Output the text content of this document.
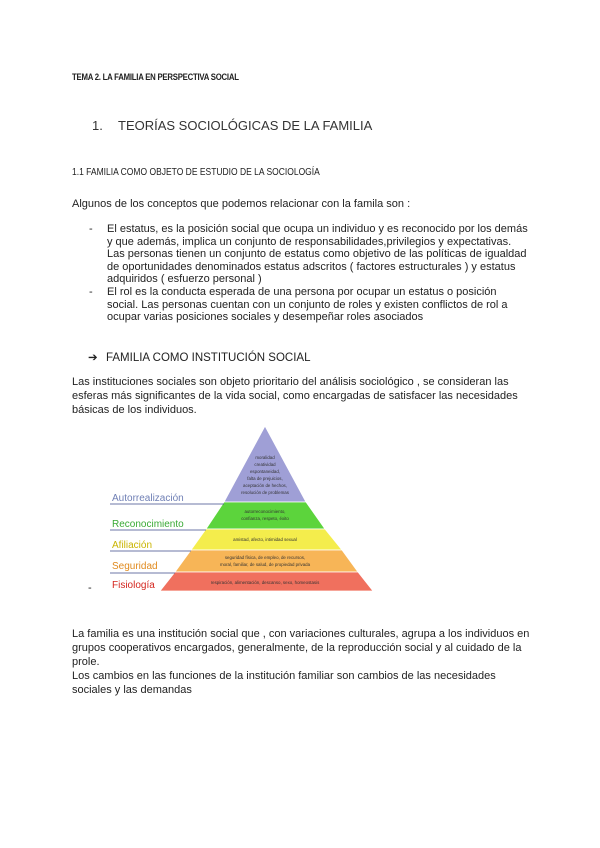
TEMA 2. LA FAMILIA EN PERSPECTIVA SOCIAL
1. TEORÍAS SOCIOLÓGICAS DE LA FAMILIA
1.1 FAMILIA COMO OBJETO DE ESTUDIO DE LA SOCIOLOGÍA

Algunos de los conceptos que podemos relacionar con la famila son :

- El estatus, es la posición social que ocupa un individuo y es reconocido por los demás y que además, implica un conjunto de responsabilidades,privilegios y expectativas. Las personas tienen un conjunto de estatus como objetivo de las políticas de igualdad de oportunidades denominados estatus adscritos ( factores estructurales ) y estatus adquiridos ( esfuerzo personal )

- El rol es la conducta esperada de una persona por ocupar un estatus o posición social. Las personas cuentan con un conjunto de roles y existen conflictos de rol a ocupar varias posiciones sociales y desempeñar roles asociados

➔ FAMILIA COMO INSTITUCIÓN SOCIAL

Las instituciones sociales son objeto prioritario del análisis sociológico , se consideran las esferas más significantes de la vida social, como encargadas de satisfacer las necesidades básicas de los individuos.

Autorrealización
Reconocimiento
Afiliación
Seguridad
Fisiología
moralidad
creatividad
espontaneidad,
falta de prejuicios,
aceptación de hechos,
resolución de problemas
autorreconocimiento,
confianza, respeto, éxito
amistad, afecto, intimidad sexual
seguridad física, de empleo, de recursos,
moral, familiar, de salud, de propiedad privada
respiración, alimentación, descanso, sexo, homeostasis
-

La familia es una institución social que , con variaciones culturales, agrupa a los individuos en grupos cooperativos encargados, generalmente, de la reproducción social y al cuidado de la prole.

Los cambios en las funciones de la institución familiar son cambios de las necesidades sociales y las demandas
